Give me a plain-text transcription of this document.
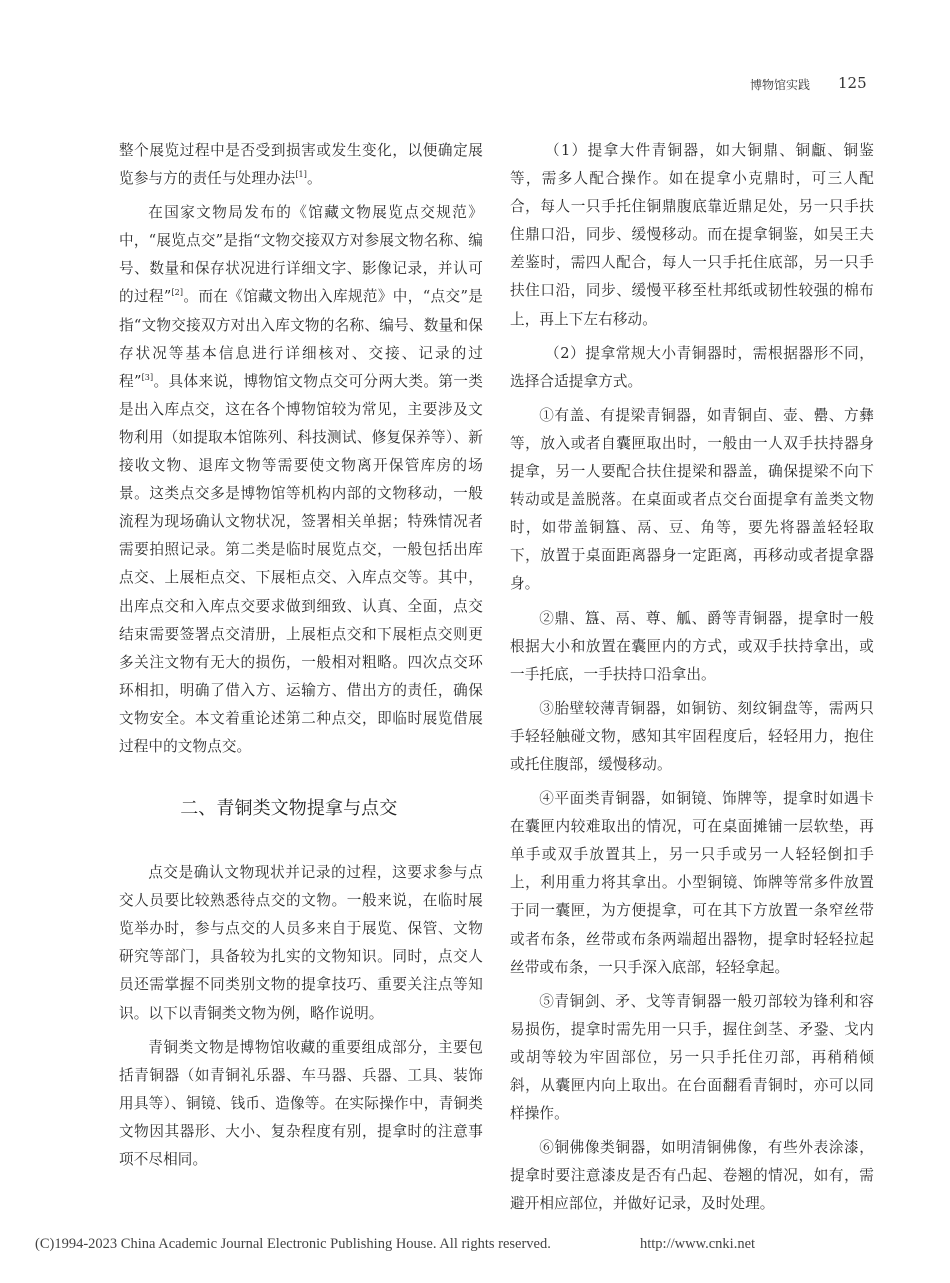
博物馆实践 125

整个展览过程中是否受到损害或发生变化，以便确定展览参与方的责任与处理办法[1]。

在国家文物局发布的《馆藏文物展览点交规范》中，“展览点交”是指“文物交接双方对参展文物名称、编号、数量和保存状况进行详细文字、影像记录，并认可的过程”[2]。而在《馆藏文物出入库规范》中，“点交”是指“文物交接双方对出入库文物的名称、编号、数量和保存状况等基本信息进行详细核对、交接、记录的过程”[3]。具体来说，博物馆文物点交可分两大类。第一类是出入库点交，这在各个博物馆较为常见，主要涉及文物利用（如提取本馆陈列、科技测试、修复保养等）、新接收文物、退库文物等需要使文物离开保管库房的场景。这类点交多是博物馆等机构内部的文物移动，一般流程为现场确认文物状况，签署相关单据；特殊情况者需要拍照记录。第二类是临时展览点交，一般包括出库点交、上展柜点交、下展柜点交、入库点交等。其中，出库点交和入库点交要求做到细致、认真、全面，点交结束需要签署点交清册，上展柜点交和下展柜点交则更多关注文物有无大的损伤，一般相对粗略。四次点交环环相扣，明确了借入方、运输方、借出方的责任，确保文物安全。本文着重论述第二种点交，即临时展览借展过程中的文物点交。

二、青铜类文物提拿与点交

点交是确认文物现状并记录的过程，这要求参与点交人员要比较熟悉待点交的文物。一般来说，在临时展览举办时，参与点交的人员多来自于展览、保管、文物研究等部门，具备较为扎实的文物知识。同时，点交人员还需掌握不同类别文物的提拿技巧、重要关注点等知识。以下以青铜类文物为例，略作说明。

青铜类文物是博物馆收藏的重要组成部分，主要包括青铜器（如青铜礼乐器、车马器、兵器、工具、装饰用具等）、铜镜、钱币、造像等。在实际操作中，青铜类文物因其器形、大小、复杂程度有别，提拿时的注意事项不尽相同。

（1）提拿大件青铜器，如大铜鼎、铜甗、铜鉴等，需多人配合操作。如在提拿小克鼎时，可三人配合，每人一只手托住铜鼎腹底靠近鼎足处，另一只手扶住鼎口沿，同步、缓慢移动。而在提拿铜鉴，如吴王夫差鉴时，需四人配合，每人一只手托住底部，另一只手扶住口沿，同步、缓慢平移至杜邦纸或韧性较强的棉布上，再上下左右移动。

（2）提拿常规大小青铜器时，需根据器形不同，选择合适提拿方式。

①有盖、有提梁青铜器，如青铜卣、壶、罍、方彝等，放入或者自囊匣取出时，一般由一人双手扶持器身提拿，另一人要配合扶住提梁和器盖，确保提梁不向下转动或是盖脱落。在桌面或者点交台面提拿有盖类文物时，如带盖铜簋、鬲、豆、角等，要先将器盖轻轻取下，放置于桌面距离器身一定距离，再移动或者提拿器身。

②鼎、簋、鬲、尊、觚、爵等青铜器，提拿时一般根据大小和放置在囊匣内的方式，或双手扶持拿出，或一手托底，一手扶持口沿拿出。

③胎壁较薄青铜器，如铜钫、刻纹铜盘等，需两只手轻轻触碰文物，感知其牢固程度后，轻轻用力，抱住或托住腹部，缓慢移动。

④平面类青铜器，如铜镜、饰牌等，提拿时如遇卡在囊匣内较难取出的情况，可在桌面摊铺一层软垫，再单手或双手放置其上，另一只手或另一人轻轻倒扣手上，利用重力将其拿出。小型铜镜、饰牌等常多件放置于同一囊匣，为方便提拿，可在其下方放置一条窄丝带或者布条，丝带或布条两端超出器物，提拿时轻轻拉起丝带或布条，一只手深入底部，轻轻拿起。

⑤青铜剑、矛、戈等青铜器一般刃部较为锋利和容易损伤，提拿时需先用一只手，握住剑茎、矛銎、戈内或胡等较为牢固部位，另一只手托住刃部，再稍稍倾斜，从囊匣内向上取出。在台面翻看青铜时，亦可以同样操作。

⑥铜佛像类铜器，如明清铜佛像，有些外表涂漆，提拿时要注意漆皮是否有凸起、卷翘的情况，如有，需避开相应部位，并做好记录，及时处理。

(C)1994-2023 China Academic Journal Electronic Publishing House. All rights reserved.	http://www.cnki.net
